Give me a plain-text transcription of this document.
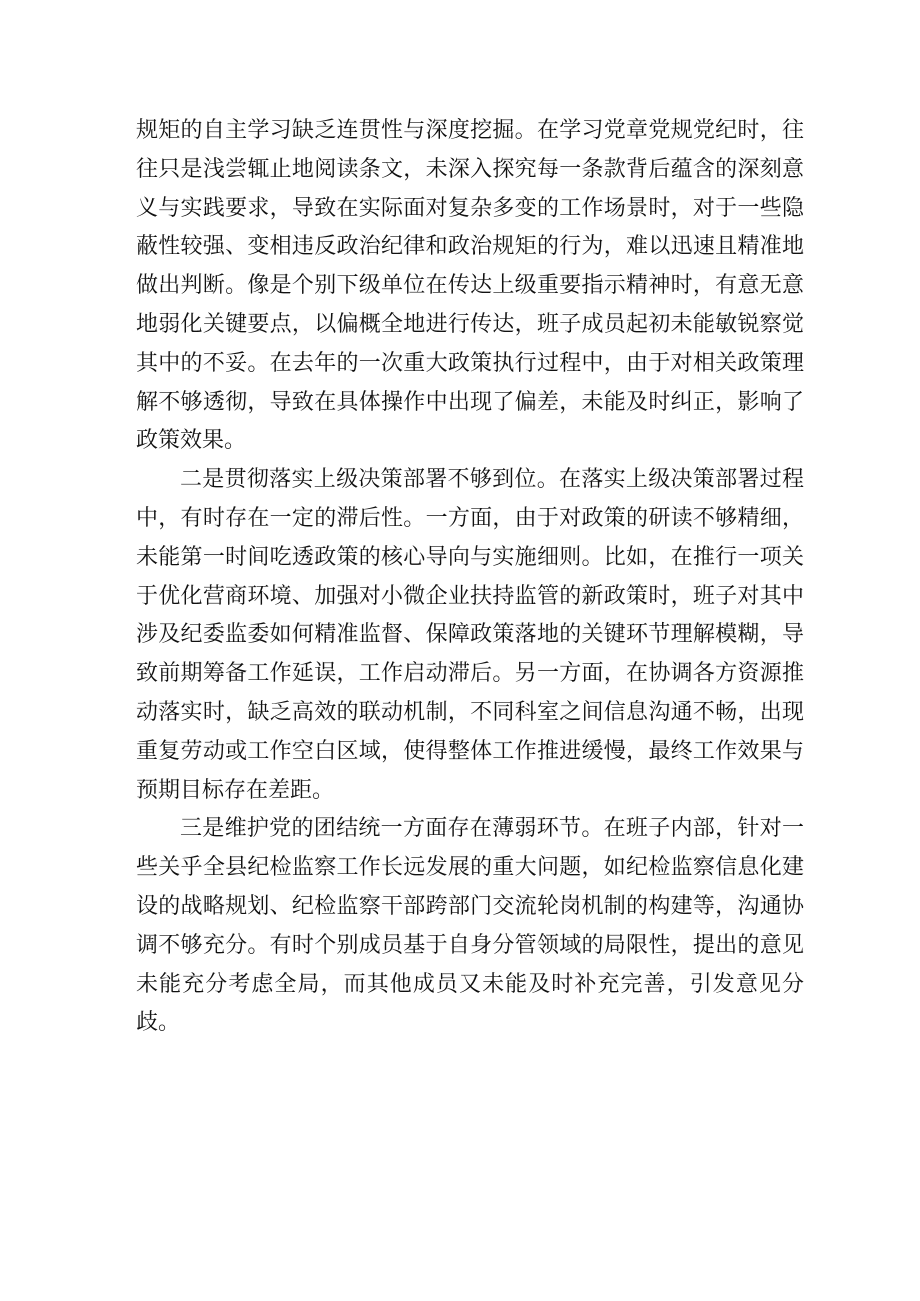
规矩的自主学习缺乏连贯性与深度挖掘。在学习党章党规党纪时，往往只是浅尝辄止地阅读条文，未深入探究每一条款背后蕴含的深刻意义与实践要求，导致在实际面对复杂多变的工作场景时，对于一些隐蔽性较强、变相违反政治纪律和政治规矩的行为，难以迅速且精准地做出判断。像是个别下级单位在传达上级重要指示精神时，有意无意地弱化关键要点，以偏概全地进行传达，班子成员起初未能敏锐察觉其中的不妥。在去年的一次重大政策执行过程中，由于对相关政策理解不够透彻，导致在具体操作中出现了偏差，未能及时纠正，影响了政策效果。

二是贯彻落实上级决策部署不够到位。在落实上级决策部署过程中，有时存在一定的滞后性。一方面，由于对政策的研读不够精细，未能第一时间吃透政策的核心导向与实施细则。比如，在推行一项关于优化营商环境、加强对小微企业扶持监管的新政策时，班子对其中涉及纪委监委如何精准监督、保障政策落地的关键环节理解模糊，导致前期筹备工作延误，工作启动滞后。另一方面，在协调各方资源推动落实时，缺乏高效的联动机制，不同科室之间信息沟通不畅，出现重复劳动或工作空白区域，使得整体工作推进缓慢，最终工作效果与预期目标存在差距。

三是维护党的团结统一方面存在薄弱环节。在班子内部，针对一些关乎全县纪检监察工作长远发展的重大问题，如纪检监察信息化建设的战略规划、纪检监察干部跨部门交流轮岗机制的构建等，沟通协调不够充分。有时个别成员基于自身分管领域的局限性，提出的意见未能充分考虑全局，而其他成员又未能及时补充完善，引发意见分歧。
